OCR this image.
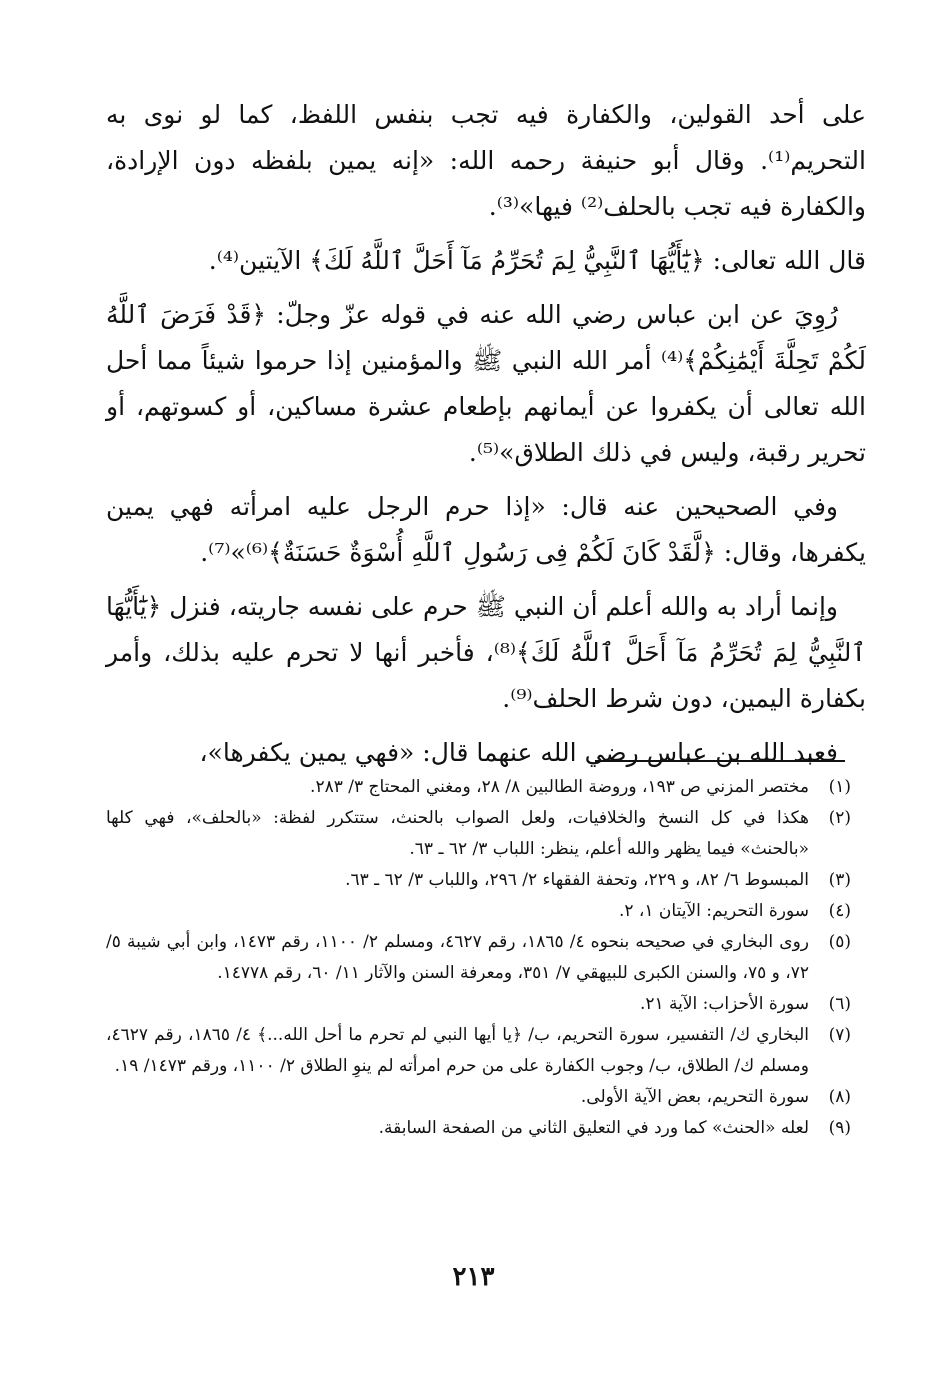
على أحد القولين، والكفارة فيه تجب بنفس اللفظ، كما لو نوى به التحريم⁽¹⁾. وقال أبو حنيفة رحمه الله: «إنه يمين بلفظه دون الإرادة، والكفارة فيه تجب بالحلف⁽²⁾ فيها»⁽³⁾.

قال الله تعالى: ﴿يَٰٓأَيُّهَا ٱلنَّبِيُّ لِمَ تُحَرِّمُ مَآ أَحَلَّ ٱللَّهُ لَكَ﴾ الآيتين⁽⁴⁾.

رُوِيَ عن ابن عباس رضي الله عنه في قوله عزّ وجلّ: ﴿قَدْ فَرَضَ ٱللَّهُ لَكُمْ تَحِلَّةَ أَيْمَٰنِكُمْ﴾⁽⁴⁾ أمر الله النبي ﷺ والمؤمنين إذا حرموا شيئاً مما أحل الله تعالى أن يكفروا عن أيمانهم بإطعام عشرة مساكين، أو كسوتهم، أو تحرير رقبة، وليس في ذلك الطلاق»⁽⁵⁾.

وفي الصحيحين عنه قال: «إذا حرم الرجل عليه امرأته فهي يمين يكفرها، وقال: ﴿لَّقَدْ كَانَ لَكُمْ فِى رَسُولِ ٱللَّهِ أُسْوَةٌ حَسَنَةٌ﴾⁽⁶⁾»⁽⁷⁾.

وإنما أراد به والله أعلم أن النبي ﷺ حرم على نفسه جاريته، فنزل ﴿يَٰٓأَيُّهَا ٱلنَّبِيُّ لِمَ تُحَرِّمُ مَآ أَحَلَّ ٱللَّهُ لَكَ﴾⁽⁸⁾، فأخبر أنها لا تحرم عليه بذلك، وأمر بكفارة اليمين، دون شرط الحلف⁽⁹⁾.

فعبد الله بن عباس رضي الله عنهما قال: «فهي يمين يكفرها»،

(١)
مختصر المزني ص ١٩٣، وروضة الطالبين ٨/ ٢٨، ومغني المحتاج ٣/ ٢٨٣.
(٢)
هكذا في كل النسخ والخلافيات، ولعل الصواب بالحنث، ستتكرر لفظة: «بالحلف»، فهي كلها «بالحنث» فيما يظهر والله أعلم، ينظر: اللباب ٣/ ٦٢ ـ ٦٣.
(٣)
المبسوط ٦/ ٨٢، و ٢٢٩، وتحفة الفقهاء ٢/ ٢٩٦، واللباب ٣/ ٦٢ ـ ٦٣.
(٤)
سورة التحريم: الآيتان ١، ٢.
(٥)
روى البخاري في صحيحه بنحوه ٤/ ١٨٦٥، رقم ٤٦٢٧، ومسلم ٢/ ١١٠٠، رقم ١٤٧٣، وابن أبي شيبة ٥/ ٧٢، و ٧٥، والسنن الكبرى للبيهقي ٧/ ٣٥١، ومعرفة السنن والآثار ١١/ ٦٠، رقم ١٤٧٧٨.
(٦)
سورة الأحزاب: الآية ٢١.
(٧)
البخاري ك/ التفسير، سورة التحريم، ب/ ﴿يا أيها النبي لم تحرم ما أحل الله...﴾ ٤/ ١٨٦٥، رقم ٤٦٢٧، ومسلم ك/ الطلاق، ب/ وجوب الكفارة على من حرم امرأته لم ينوِ الطلاق ٢/ ١١٠٠، ورقم ١٤٧٣/ ١٩.
(٨)
سورة التحريم، بعض الآية الأولى.
(٩)
لعله «الحنث» كما ورد في التعليق الثاني من الصفحة السابقة.
٢١٣
